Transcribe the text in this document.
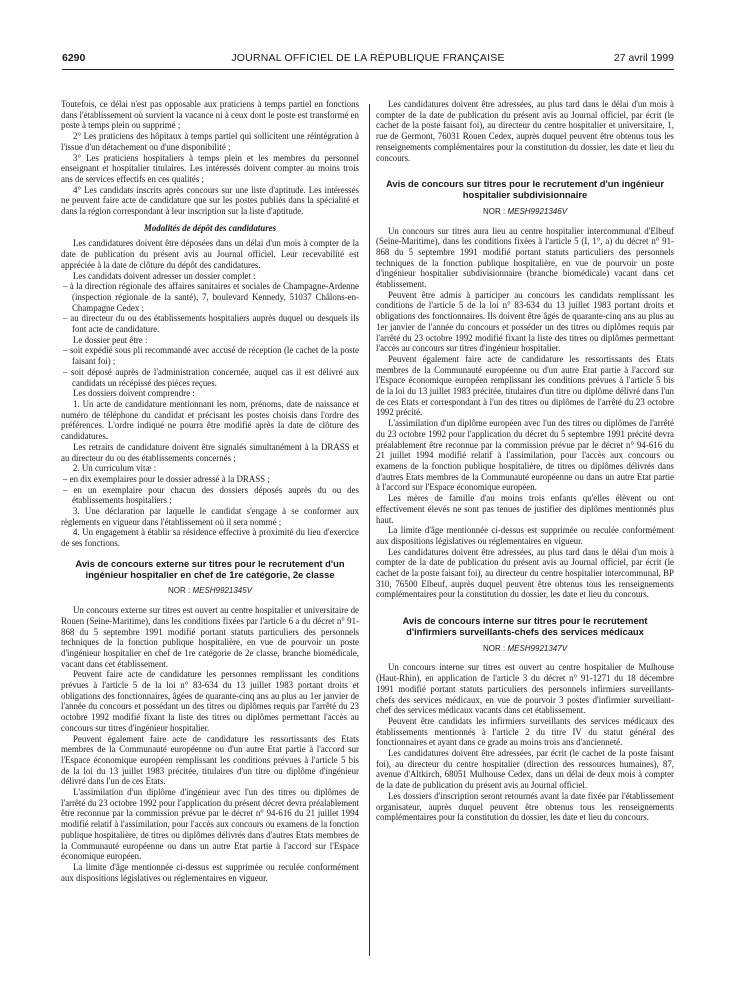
6290	JOURNAL OFFICIEL DE LA RÉPUBLIQUE FRANÇAISE	27 avril 1999

Toutefois, ce délai n'est pas opposable aux praticiens à temps partiel en fonctions dans l'établissement où survient la vacance ni à ceux dont le poste est transformé en poste à temps plein ou supprimé ;

2° Les praticiens des hôpitaux à temps partiel qui sollicitent une réintégration à l'issue d'un détachement ou d'une disponibilité ;

3° Les praticiens hospitaliers à temps plein et les membres du personnel enseignant et hospitalier titulaires. Les intéressés doivent compter au moins trois ans de services effectifs en ces qualités ;

4° Les candidats inscrits après concours sur une liste d'aptitude. Les intéressés ne peuvent faire acte de candidature que sur les postes publiés dans la spécialité et dans la région correspondant à leur inscription sur la liste d'aptitude.

Modalités de dépôt des candidatures

Les candidatures doivent être déposées dans un délai d'un mois à compter de la date de publication du présent avis au Journal officiel. Leur recevabilité est appréciée à la date de clôture du dépôt des candidatures.

Les candidats doivent adresser un dossier complet :

– à la direction régionale des affaires sanitaires et sociales de Champagne-Ardenne (inspection régionale de la santé), 7, boulevard Kennedy, 51037 Châlons-en-Champagne Cedex ;

– au directeur du ou des établissements hospitaliers auprès duquel ou desquels ils font acte de candidature.

Le dossier peut être :

– soit expédié sous pli recommandé avec accusé de réception (le cachet de la poste faisant foi) ;

– soit déposé auprès de l'administration concernée, auquel cas il est délivré aux candidats un récépissé des pièces reçues.

Les dossiers doivent comprendre :

1. Un acte de candidature mentionnant les nom, prénoms, date de naissance et numéro de téléphone du candidat et précisant les postes choisis dans l'ordre des préférences. L'ordre indiqué ne pourra être modifié après la date de clôture des candidatures.

Les retraits de candidature doivent être signalés simultanément à la DRASS et au directeur du ou des établissements concernés ;

2. Un curriculum vitæ :

– en dix exemplaires pour le dossier adressé à la DRASS ;

– en un exemplaire pour chacun des dossiers déposés auprès du ou des établissements hospitaliers ;

3. Une déclaration par laquelle le candidat s'engage à se conformer aux règlements en vigueur dans l'établissement où il sera nommé ;

4. Un engagement à établir sa résidence effective à proximité du lieu d'exercice de ses fonctions.

Avis de concours externe sur titres pour le recrutement d'un ingénieur hospitalier en chef de 1re catégorie, 2e classe
NOR : MESH9921345V

Un concours externe sur titres est ouvert au centre hospitalier et universitaire de Rouen (Seine-Maritime), dans les conditions fixées par l'article 6 a du décret n° 91-868 du 5 septembre 1991 modifié portant statuts particuliers des personnels techniques de la fonction publique hospitalière, en vue de pourvoir un poste d'ingénieur hospitalier en chef de 1re catégorie de 2e classe, branche biomédicale, vacant dans cet établissement.

Peuvent faire acte de candidature les personnes remplissant les conditions prévues à l'article 5 de la loi n° 83-634 du 13 juillet 1983 portant droits et obligations des fonctionnaires, âgées de quarante-cinq ans au plus au 1er janvier de l'année du concours et possédant un des titres ou diplômes requis par l'arrêté du 23 octobre 1992 modifié fixant la liste des titres ou diplômes permettant l'accès au concours sur titres d'ingénieur hospitalier.

Peuvent également faire acte de candidature les ressortissants des Etats membres de la Communauté européenne ou d'un autre Etat partie à l'accord sur l'Espace économique européen remplissant les conditions prévues à l'article 5 bis de la loi du 13 juillet 1983 précitée, titulaires d'un titre ou diplôme d'ingénieur délivré dans l'un de ces Etats.

L'assimilation d'un diplôme d'ingénieur avec l'un des titres ou diplômes de l'arrêté du 23 octobre 1992 pour l'application du présent décret devra préalablement être reconnue par la commission prévue par le décret n° 94-616 du 21 juillet 1994 modifié relatif à l'assimilation, pour l'accès aux concours ou examens de la fonction publique hospitalière, de titres ou diplômes délivrés dans d'autres Etats membres de la Communauté européenne ou dans un autre Etat partie à l'accord sur l'Espace économique européen.

La limite d'âge mentionnée ci-dessus est supprimée ou reculée conformément aux dispositions législatives ou réglementaires en vigueur.

Les candidatures doivent être adressées, au plus tard dans le délai d'un mois à compter de la date de publication du présent avis au Journal officiel, par écrit (le cachet de la poste faisant foi), au directeur du centre hospitalier et universitaire, 1, rue de Germont, 76031 Rouen Cedex, auprès duquel peuvent être obtenus tous les renseignements complémentaires pour la constitution du dossier, les date et lieu du concours.

Avis de concours sur titres pour le recrutement d'un ingénieur hospitalier subdivisionnaire
NOR : MESH9921346V

Un concours sur titres aura lieu au centre hospitalier intercommunal d'Elbeuf (Seine-Maritime), dans les conditions fixées à l'article 5 (I, 1°, a) du décret n° 91-868 du 5 septembre 1991 modifié portant statuts particuliers des personnels techniques de la fonction publique hospitalière, en vue de pourvoir un poste d'ingénieur hospitalier subdivisionnaire (branche biomédicale) vacant dans cet établissement.

Peuvent être admis à participer au concours les candidats remplissant les conditions de l'article 5 de la loi n° 83-634 du 13 juillet 1983 portant droits et obligations des fonctionnaires. Ils doivent être âgés de quarante-cinq ans au plus au 1er janvier de l'année du concours et posséder un des titres ou diplômes requis par l'arrêté du 23 octobre 1992 modifié fixant la liste des titres ou diplômes permettant l'accès au concours sur titres d'ingénieur hospitalier.

Peuvent également faire acte de candidature les ressortissants des Etats membres de la Communauté européenne ou d'un autre Etat partie à l'accord sur l'Espace économique européen remplissant les conditions prévues à l'article 5 bis de la loi du 13 juillet 1983 précitée, titulaires d'un titre ou diplôme délivré dans l'un de ces Etats et correspondant à l'un des titres ou diplômes de l'arrêté du 23 octobre 1992 précité.

L'assimilation d'un diplôme européen avec l'un des titres ou diplômes de l'arrêté du 23 octobre 1992 pour l'application du décret du 5 septembre 1991 précité devra préalablement être reconnue par la commission prévue par le décret n° 94-616 du 21 juillet 1994 modifié relatif à l'assimilation, pour l'accès aux concours ou examens de la fonction publique hospitalière, de titres ou diplômes délivrés dans d'autres Etats membres de la Communauté européenne ou dans un autre Etat partie à l'accord sur l'Espace économique européen.

Les mères de famille d'au moins trois enfants qu'elles élèvent ou ont effectivement élevés ne sont pas tenues de justifier des diplômes mentionnés plus haut.

La limite d'âge mentionnée ci-dessus est supprimée ou reculée conformément aux dispositions législatives ou réglementaires en vigueur.

Les candidatures doivent être adressées, au plus tard dans le délai d'un mois à compter de la date de publication du présent avis au Journal officiel, par écrit (le cachet de la poste faisant foi), au directeur du centre hospitalier intercommunal, BP 310, 76500 Elbeuf, auprès duquel peuvent être obtenus tous les renseignements complémentaires pour la constitution du dossier, les date et lieu du concours.

Avis de concours interne sur titres pour le recrutement d'infirmiers surveillants-chefs des services médicaux
NOR : MESH9921347V

Un concours interne sur titres est ouvert au centre hospitalier de Mulhouse (Haut-Rhin), en application de l'article 3 du décret n° 91-1271 du 18 décembre 1991 modifié portant statuts particuliers des personnels infirmiers surveillants-chefs des services médicaux, en vue de pourvoir 3 postes d'infirmier surveillant-chef des services médicaux vacants dans cet établissement.

Peuvent être candidats les infirmiers surveillants des services médicaux des établissements mentionnés à l'article 2 du titre IV du statut général des fonctionnaires et ayant dans ce grade au moins trois ans d'ancienneté.

Les candidatures doivent être adressées, par écrit (le cachet de la poste faisant foi), au directeur du centre hospitalier (direction des ressources humaines), 87, avenue d'Altkirch, 68051 Mulhouse Cedex, dans un délai de deux mois à compter de la date de publication du présent avis au Journal officiel.

Les dossiers d'inscription seront retournés avant la date fixée par l'établissement organisateur, auprès duquel peuvent être obtenus tous les renseignements complémentaires pour la constitution du dossier, les date et lieu du concours.
